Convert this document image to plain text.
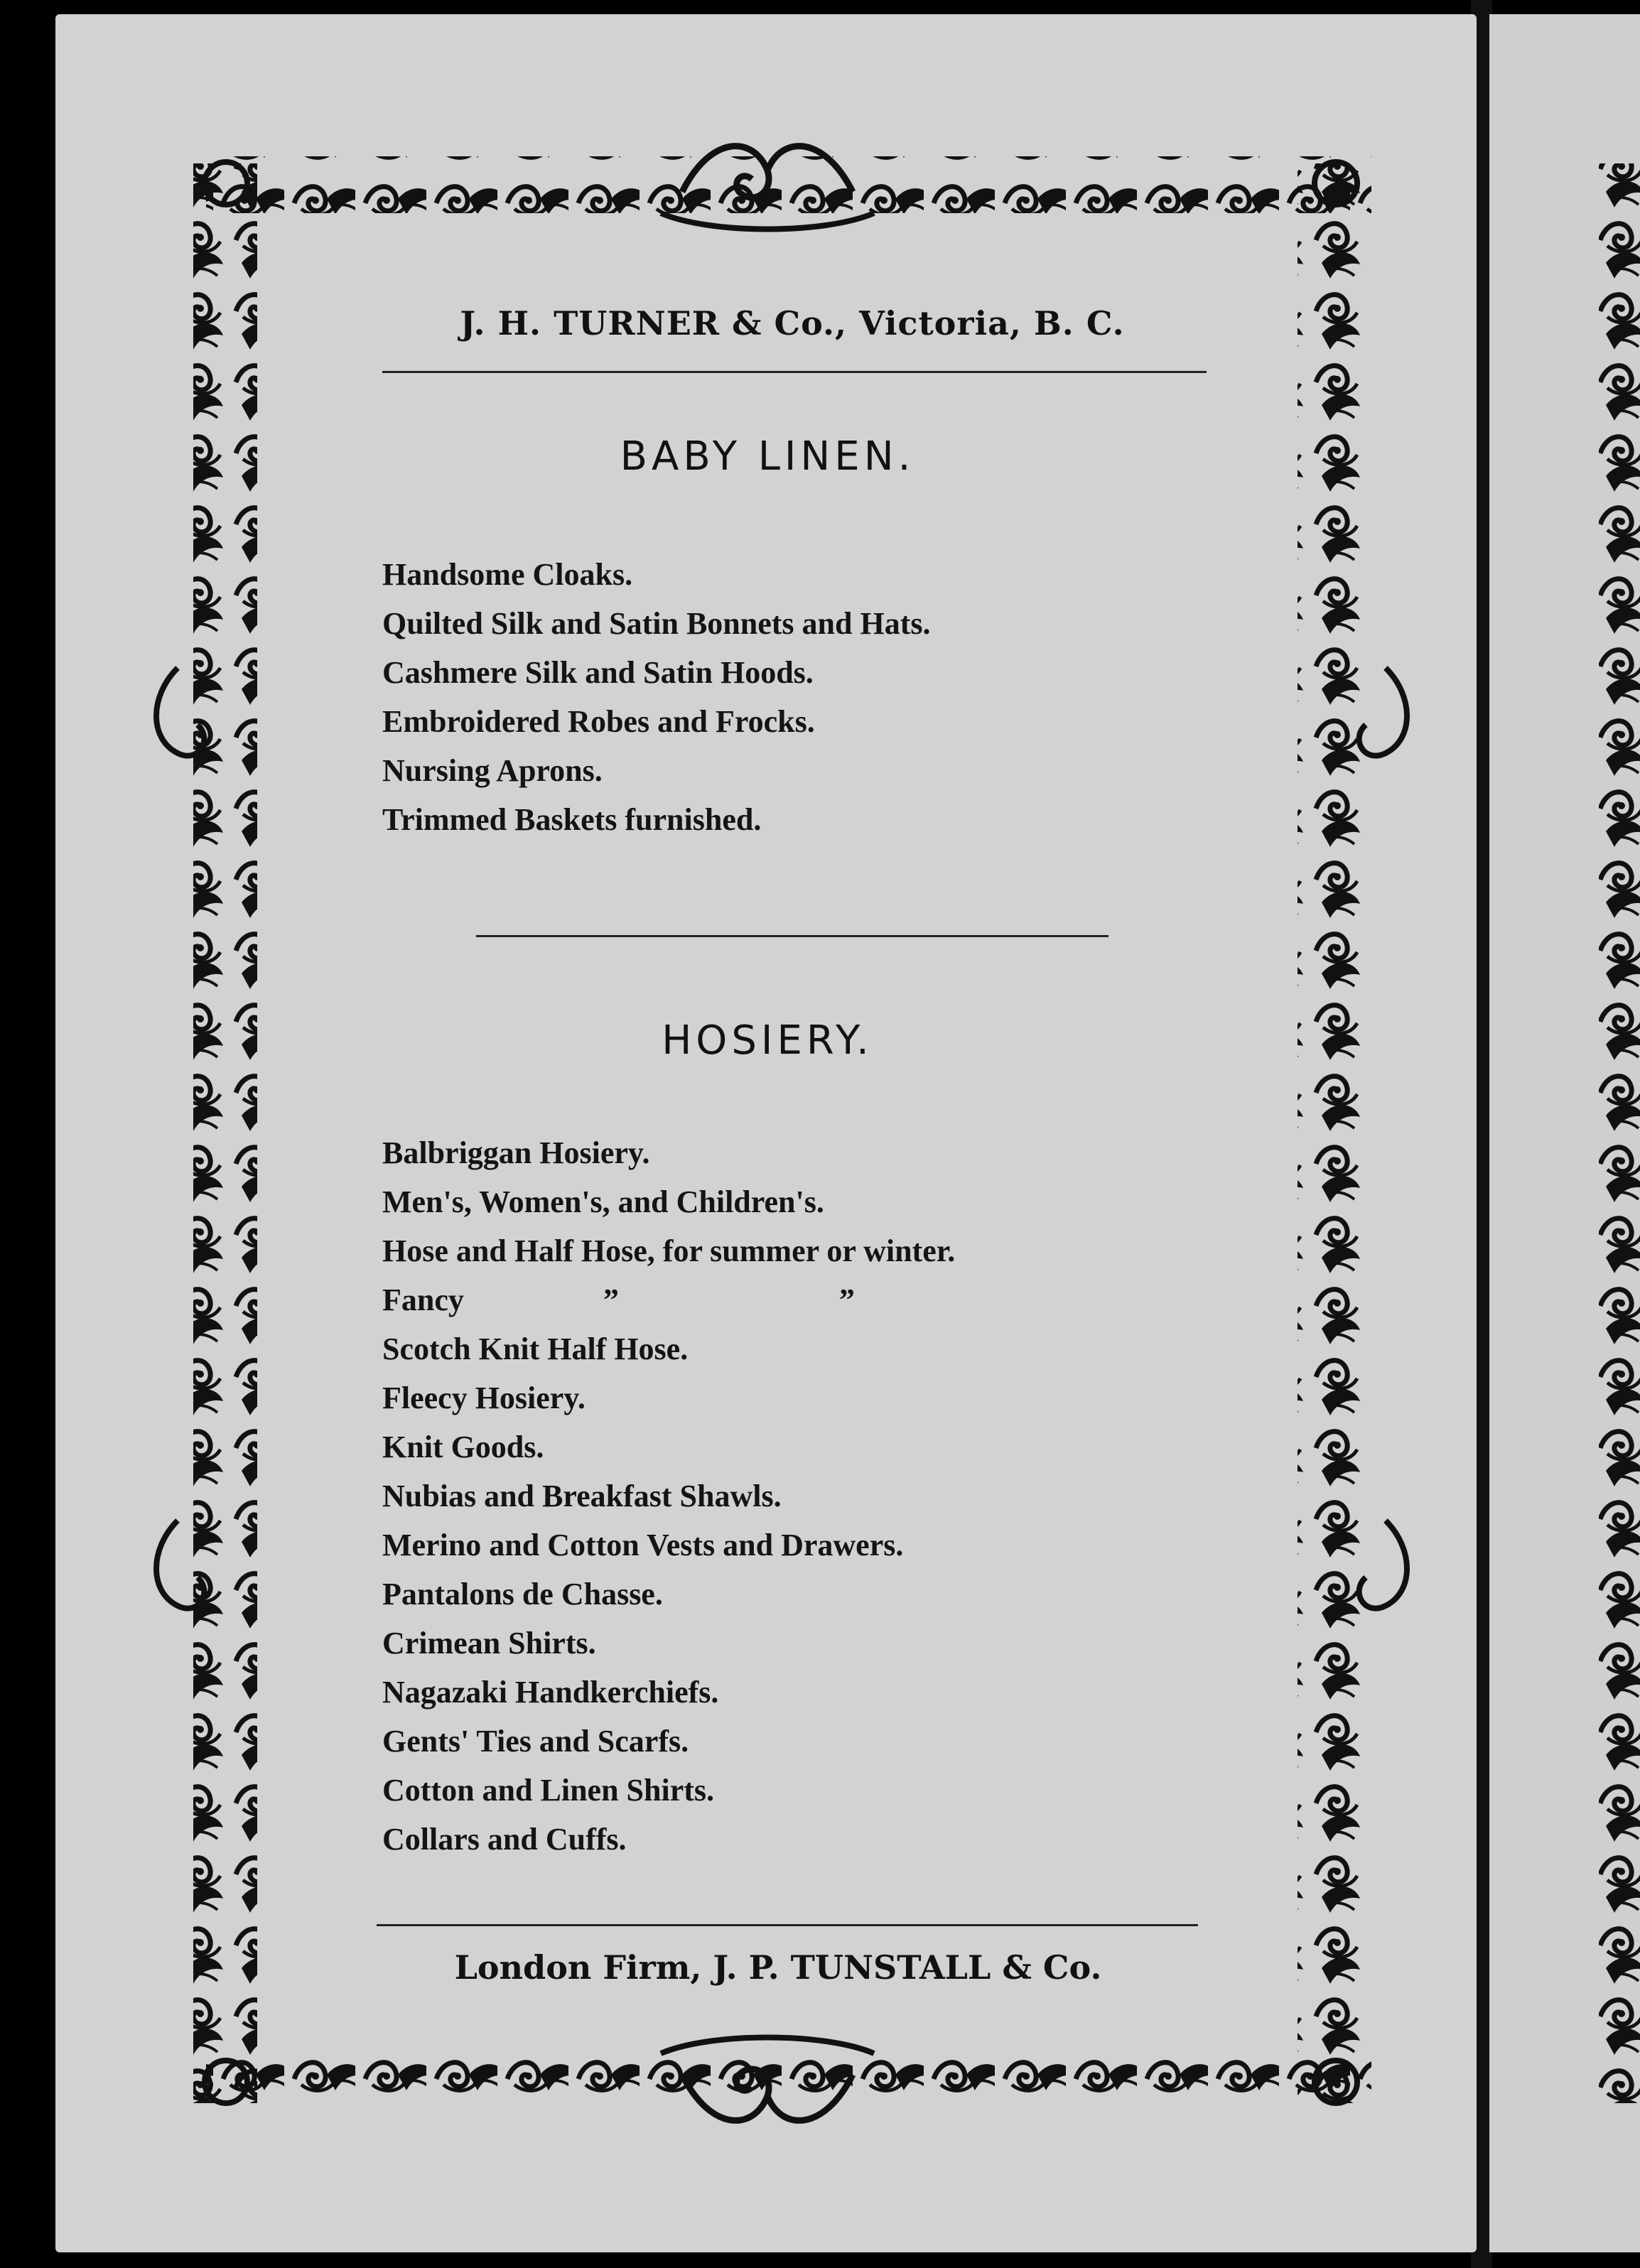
J. H. TURNER & Co., Victoria, B. C.
BABY LINEN.
Handsome Cloaks.
Quilted Silk and Satin Bonnets and Hats.
Cashmere Silk and Satin Hoods.
Embroidered Robes and Frocks.
Nursing Aprons.
Trimmed Baskets furnished.
HOSIERY.
Balbriggan Hosiery.
Men's, Women's, and Children's.
Hose and Half Hose, for summer or winter.
Fancy	”	”
Scotch Knit Half Hose.
Fleecy Hosiery.
Knit Goods.
Nubias and Breakfast Shawls.
Merino and Cotton Vests and Drawers.
Pantalons de Chasse.
Crimean Shirts.
Nagazaki Handkerchiefs.
Gents' Ties and Scarfs.
Cotton and Linen Shirts.
Collars and Cuffs.
London Firm, J. P. TUNSTALL & Co.
